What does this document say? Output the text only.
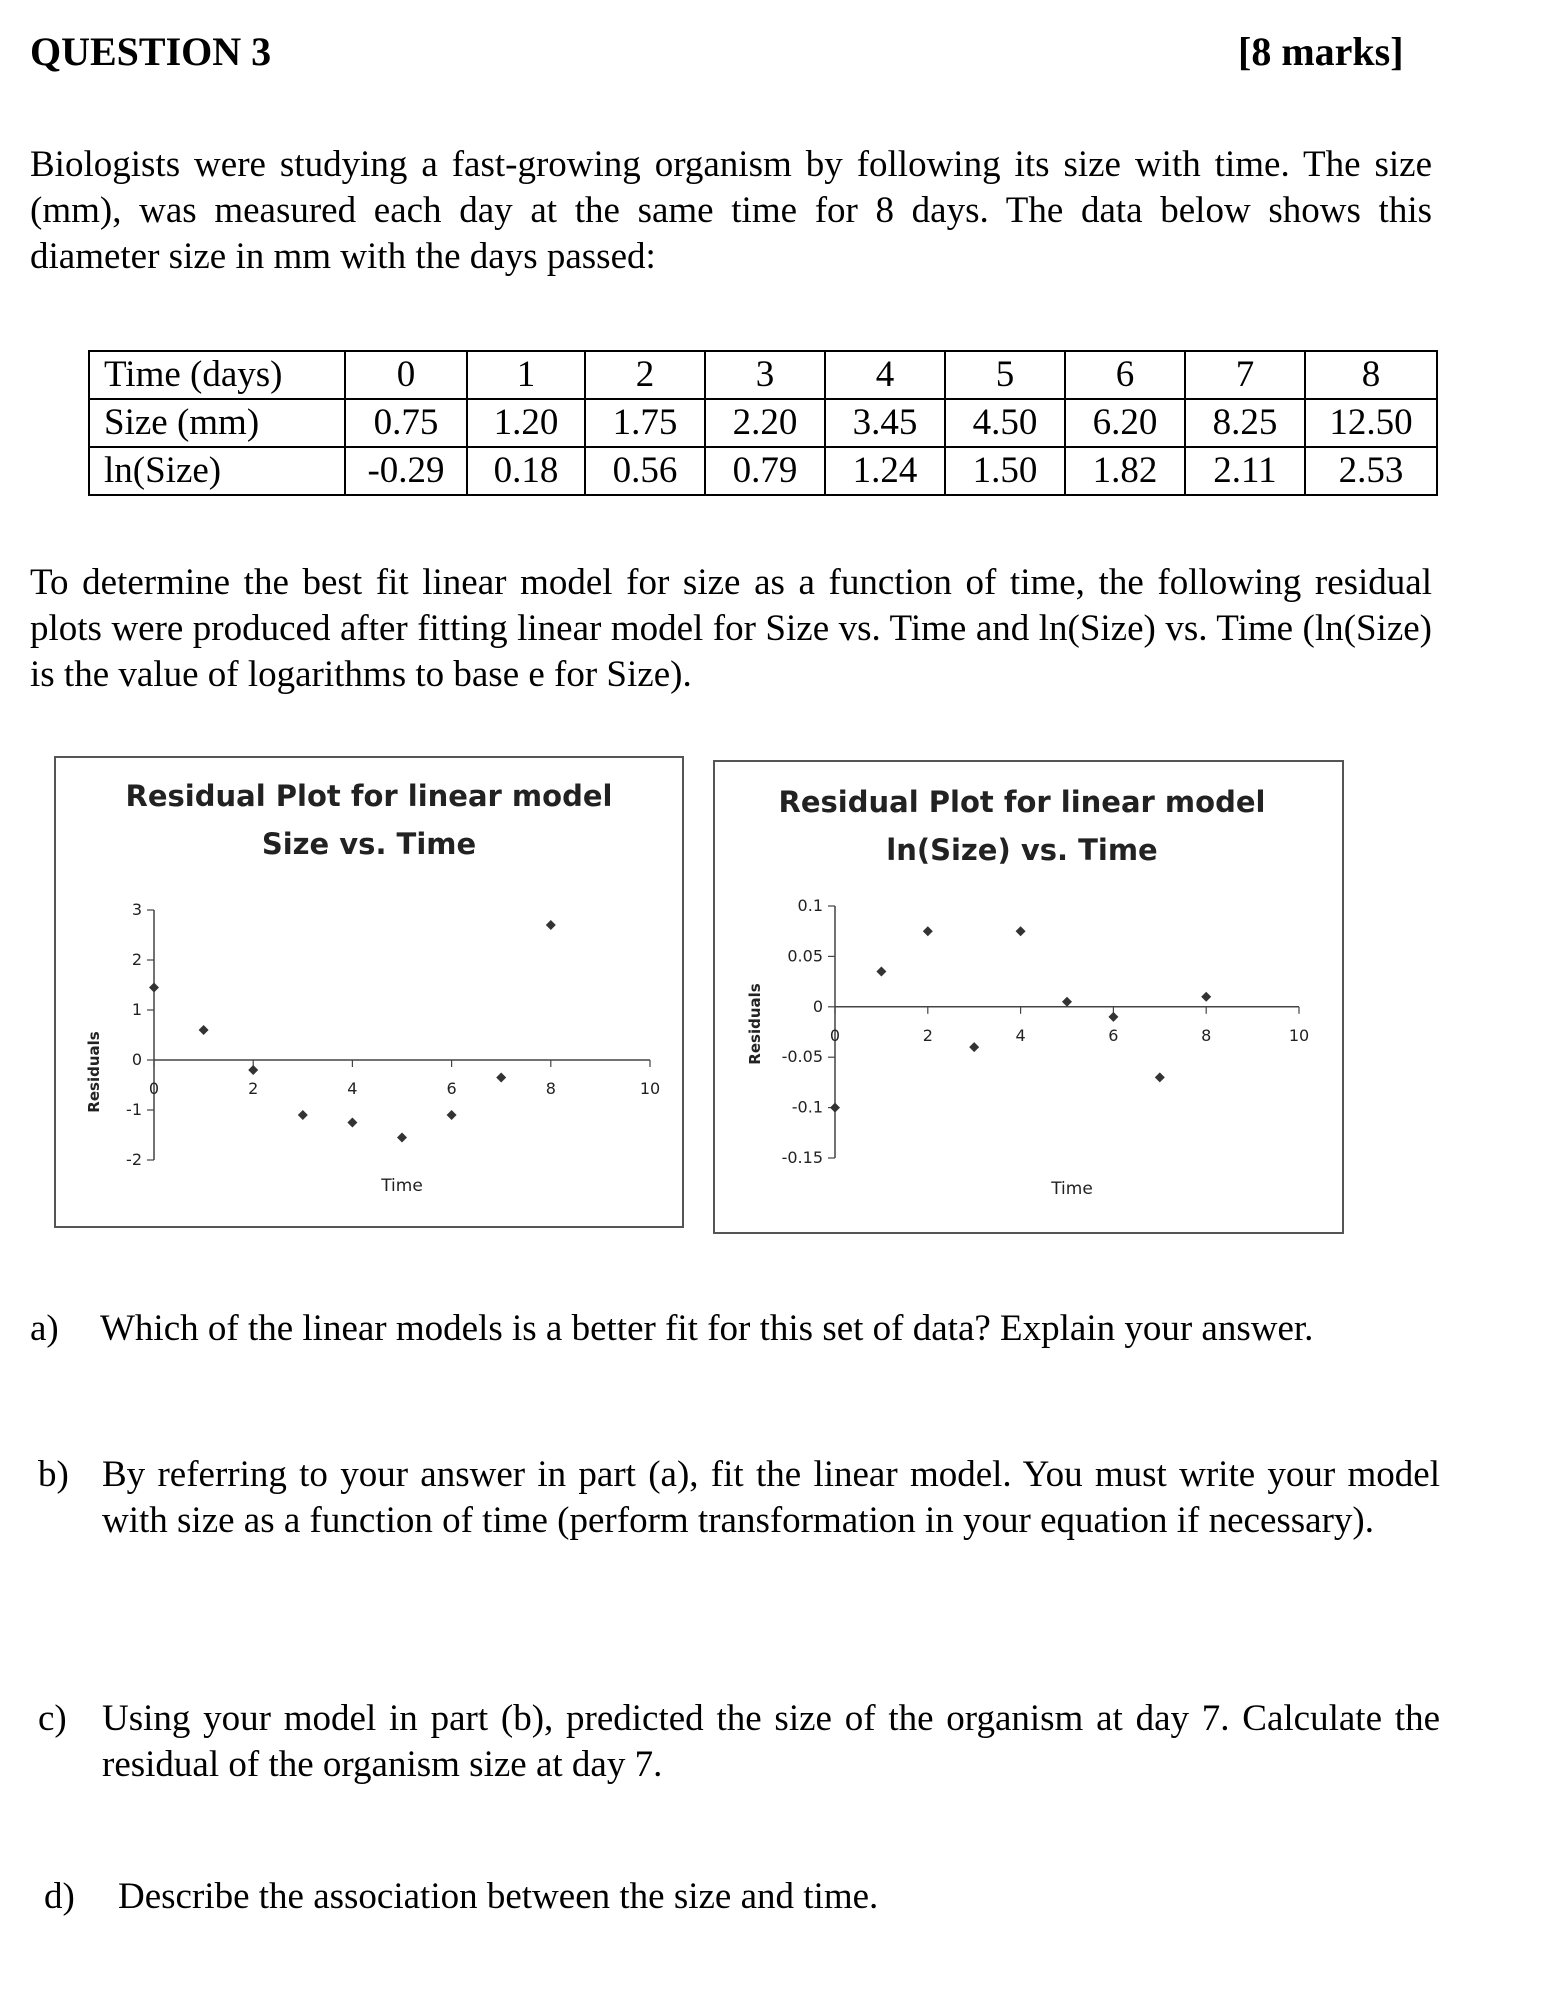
QUESTION 3	[8 marks]
Biologists were studying a fast-growing organism by following its size with time. The size (mm), was measured each day at the same time for 8 days. The data below shows this diameter size in mm with the days passed:
Time (days)	0	1	2	3	4	5	6	7	8
Size (mm)	0.75	1.20	1.75	2.20	3.45	4.50	6.20	8.25	12.50
ln(Size)	-0.29	0.18	0.56	0.79	1.24	1.50	1.82	2.11	2.53
To determine the best fit linear model for size as a function of time, the following residual plots were produced after fitting linear model for Size vs. Time and ln(Size) vs. Time (ln(Size) is the value of logarithms to base e for Size).
Residual Plot for linear model
Size vs. Time
3
2
1
0
-1
-2
0	2	4	6	8	10
Time
Residuals
Residual Plot for linear model
ln(Size) vs. Time
0.1
0.05
0
-0.05
-0.1
-0.15
0	2	4	6	8	10
Time
Residuals
a) Which of the linear models is a better fit for this set of data? Explain your answer.
b) By referring to your answer in part (a), fit the linear model. You must write your model with size as a function of time (perform transformation in your equation if necessary).
c) Using your model in part (b), predicted the size of the organism at day 7. Calculate the residual of the organism size at day 7.
d) Describe the association between the size and time.
